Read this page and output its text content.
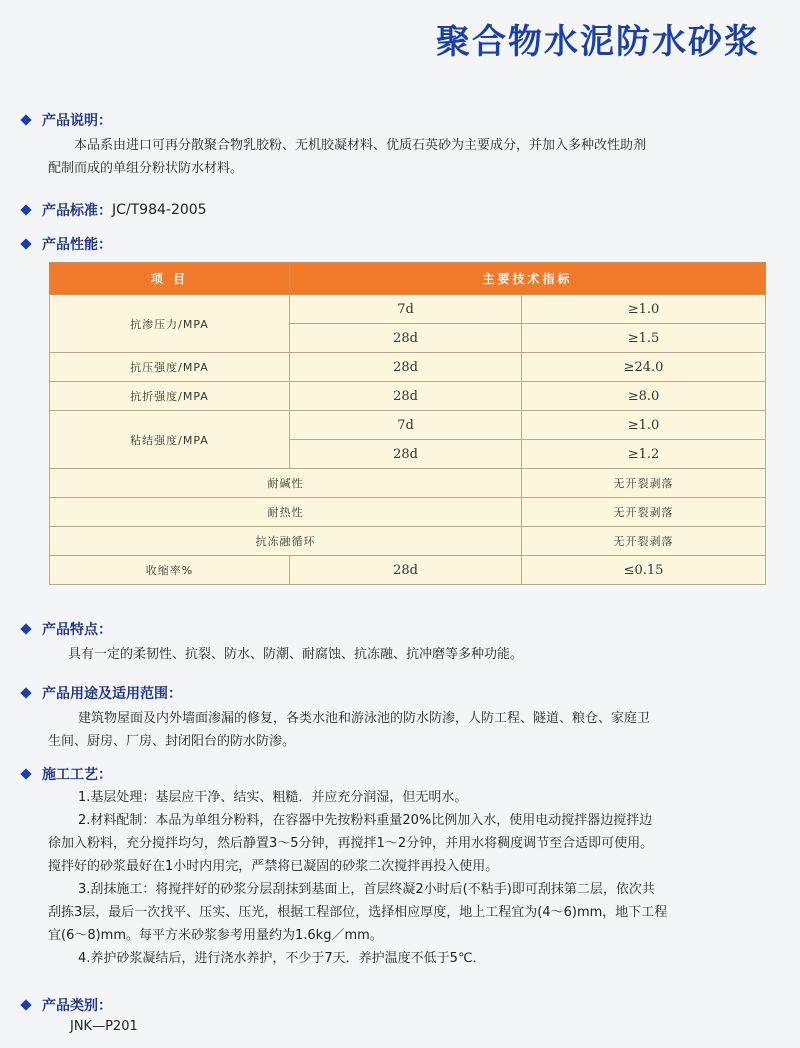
聚合物水泥防水砂浆
产品说明：
本品系由进口可再分散聚合物乳胶粉、无机胶凝材料、优质石英砂为主要成分，并加入多种改性助剂
配制而成的单组分粉状防水材料。
产品标准： JC/T984-2005
产品性能：
项 目	主要技术指标	
抗渗压力/MPA	7d	≥1.0
	28d	≥1.5
抗压强度/MPA	28d	≥24.0
抗折强度/MPA	28d	≥8.0
粘结强度/MPA	7d	≥1.0
	28d	≥1.2
耐碱性		无开裂剥落
耐热性		无开裂剥落
抗冻融循环		无开裂剥落
收缩率%	28d	≤0.15
产品特点：
具有一定的柔韧性、抗裂、防水、防潮、耐腐蚀、抗冻融、抗冲磨等多种功能。
产品用途及适用范围：
建筑物屋面及内外墙面渗漏的修复，各类水池和游泳池的防水防渗，人防工程、隧道、粮仓、家庭卫
生间、厨房、厂房、封闭阳台的防水防渗。
施工工艺：
1.基层处理：基层应干净、结实、粗糙．并应充分润湿，但无明水。
2.材料配制：本品为单组分粉料，在容器中先按粉料重量20%比例加入水，使用电动搅拌器边搅拌边
徐加入粉料，充分搅拌均匀，然后静置3～5分钟，再搅拌1～2分钟，并用水将稠度调节至合适即可使用。
搅拌好的砂浆最好在1小时内用完，严禁将已凝固的砂浆二次搅拌再投入使用。
3.刮抹施工：将搅拌好的砂浆分层刮抹到基面上，首层终凝2小时后(不粘手)即可刮抹第二层，依次共
刮拣3层，最后一次找平、压实、压光，根据工程部位，选择相应厚度，地上工程宜为(4～6)mm，地下工程
宜(6～8)mm。每平方米砂浆参考用量约为1.6kg／mm。
4.养护砂浆凝结后，进行浇水养护，不少于7天．养护温度不低于5℃．
产品类别：
JNK—P201
